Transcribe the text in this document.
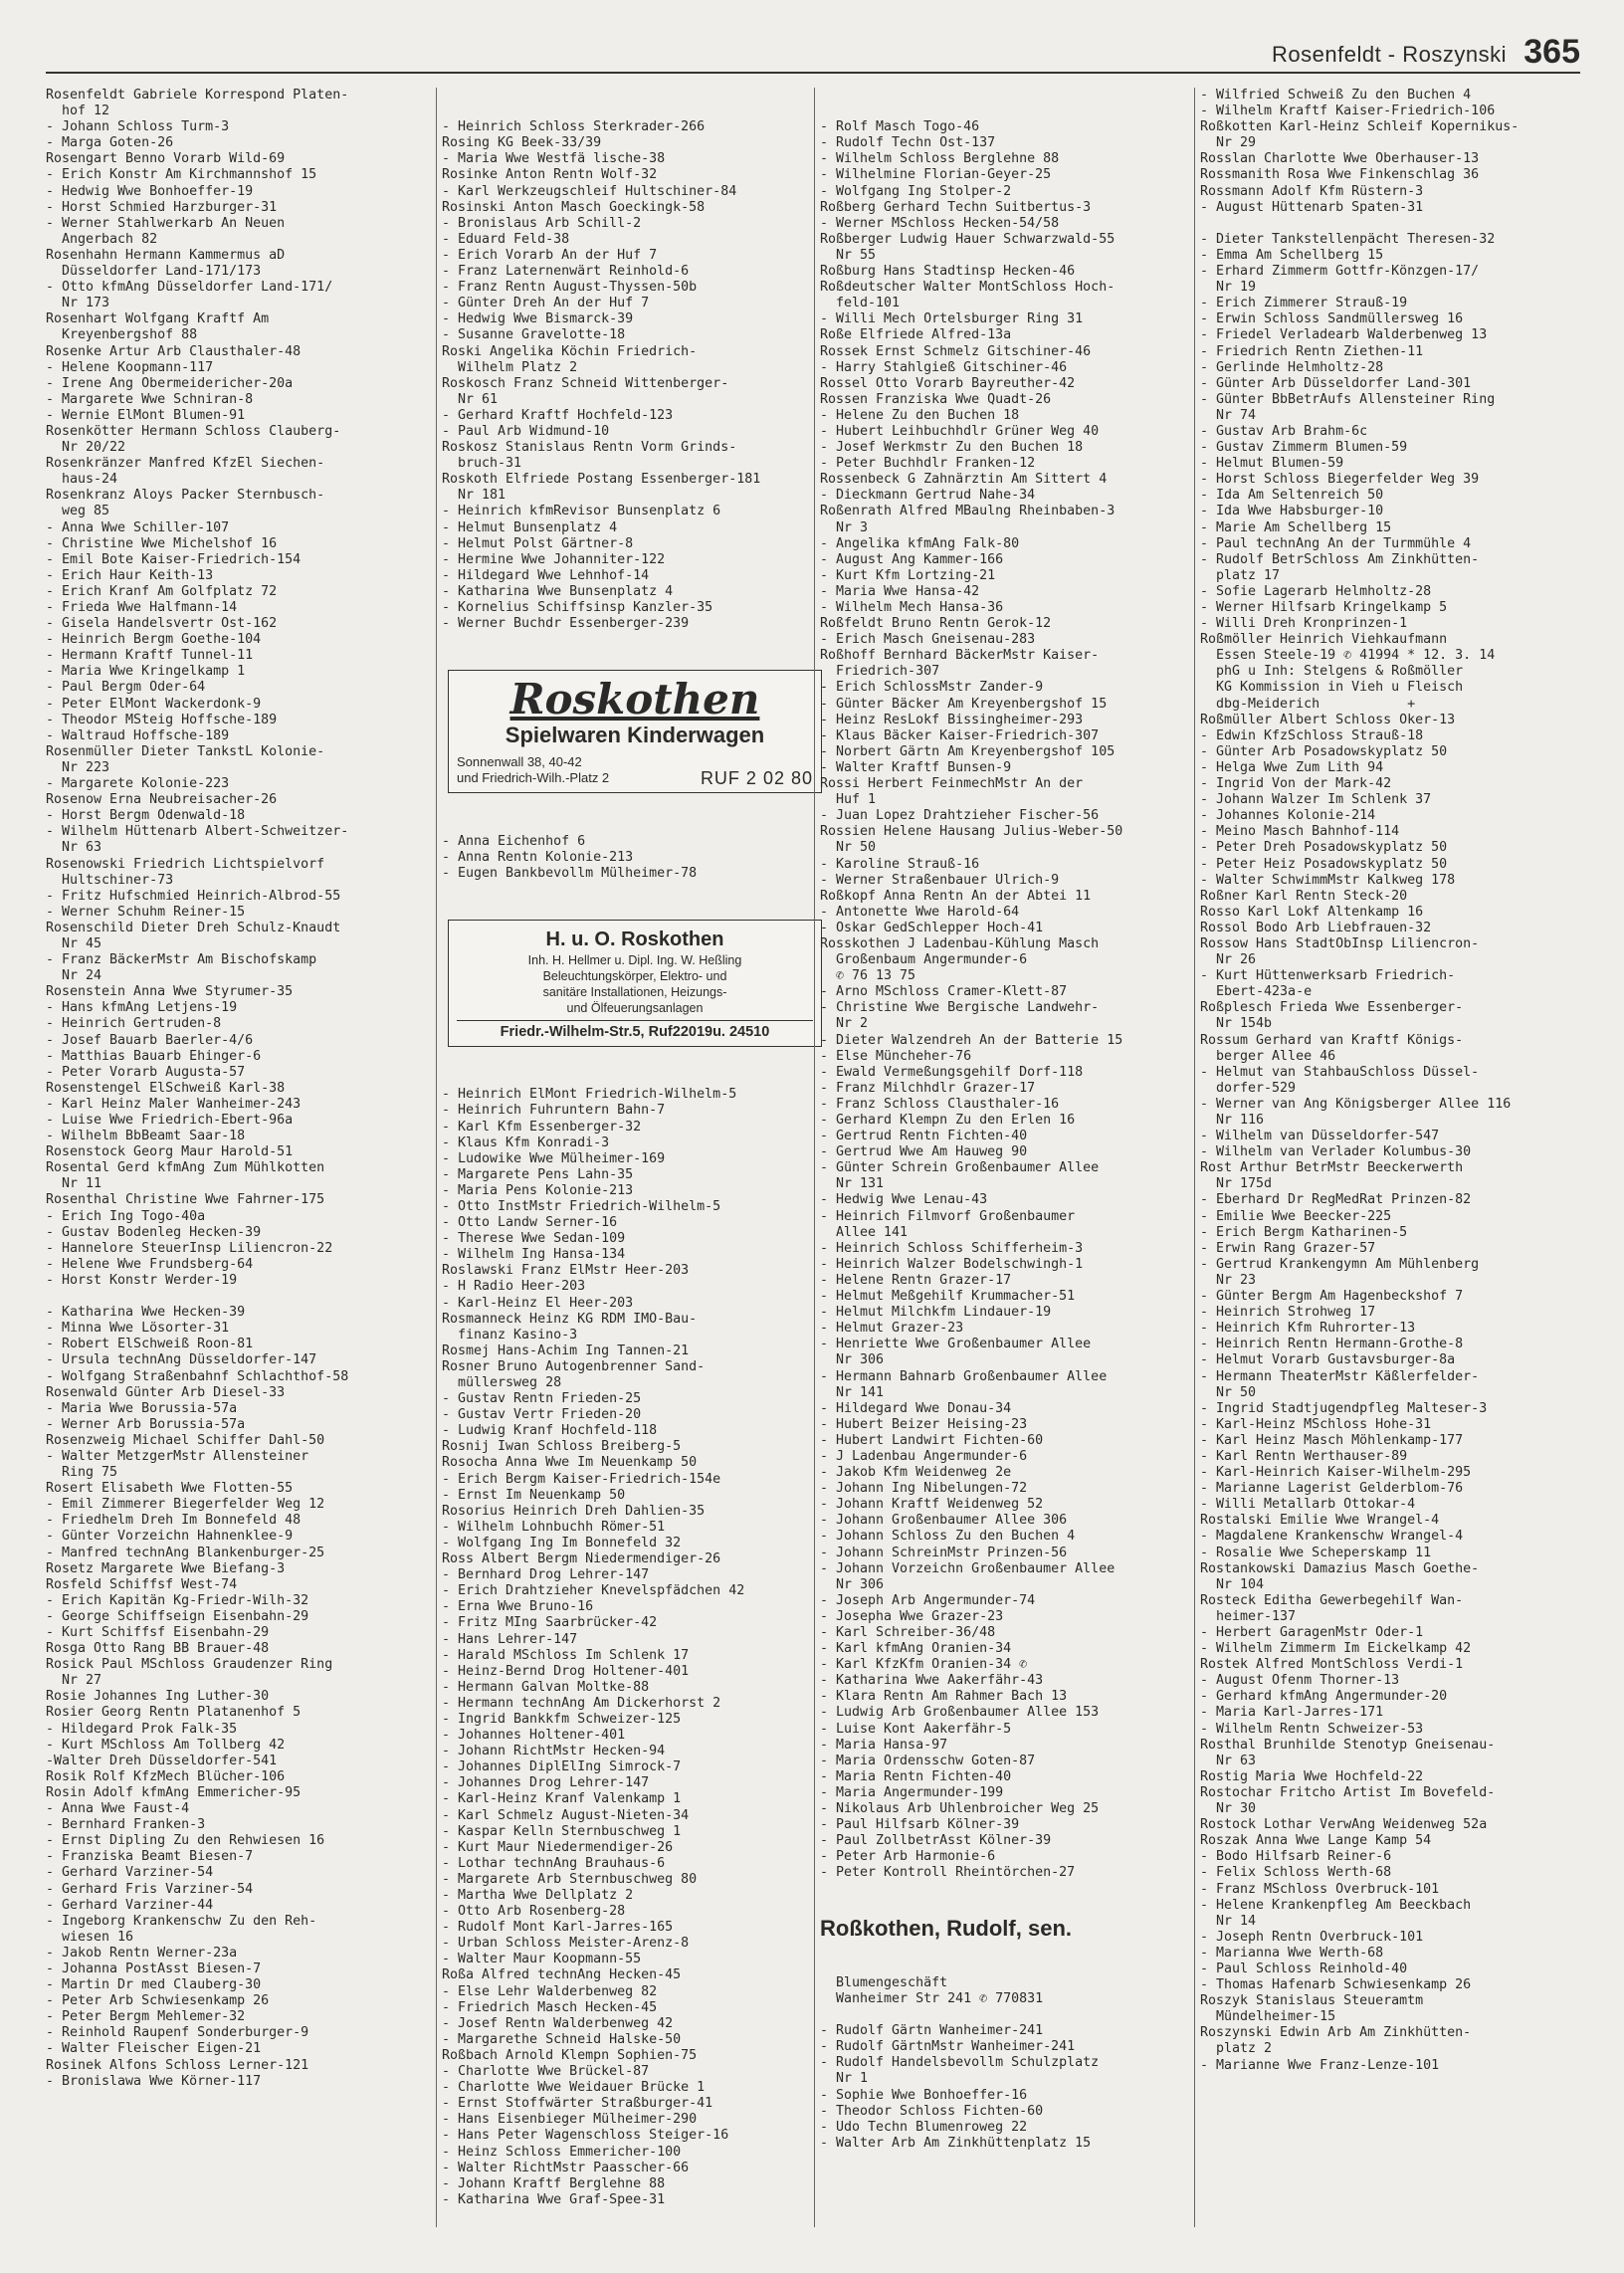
Rosenfeldt - Roszynski 365
Rosenfeldt Gabriele Korrespond Platen-
hof 12
- Johann Schloss Turm-3
- Marga Goten-26
Rosengart Benno Vorarb Wild-69
- Erich Konstr Am Kirchmannshof 15
- Hedwig Wwe Bonhoeffer-19
- Horst Schmied Harzburger-31
- Werner Stahlwerkarb An Neuen
Angerbach 82
Rosenhahn Hermann Kammermus aD
Düsseldorfer Land-171/173
- Otto kfmAng Düsseldorfer Land-171/
Nr 173
Rosenhart Wolfgang Kraftf Am
Kreyenbergshof 88
Rosenke Artur Arb Clausthaler-48
- Helene Koopmann-117
- Irene Ang Obermeidericher-20a
- Margarete Wwe Schniran-8
- Wernie ElMont Blumen-91
Rosenkötter Hermann Schloss Clauberg-
Nr 20/22
Rosenkränzer Manfred KfzEl Siechen-
haus-24
Rosenkranz Aloys Packer Sternbusch-
weg 85
- Anna Wwe Schiller-107
- Christine Wwe Michelshof 16
- Emil Bote Kaiser-Friedrich-154
- Erich Haur Keith-13
- Erich Kranf Am Golfplatz 72
- Frieda Wwe Halfmann-14
- Gisela Handelsvertr Ost-162
- Heinrich Bergm Goethe-104
- Hermann Kraftf Tunnel-11
- Maria Wwe Kringelkamp 1
- Paul Bergm Oder-64
- Peter ElMont Wackerdonk-9
- Theodor MSteig Hoffsche-189
- Waltraud Hoffsche-189
Rosenmüller Dieter TankstL Kolonie-
Nr 223
- Margarete Kolonie-223
Rosenow Erna Neubreisacher-26
- Horst Bergm Odenwald-18
- Wilhelm Hüttenarb Albert-Schweitzer-
Nr 63
Rosenowski Friedrich Lichtspielvorf
Hultschiner-73
- Fritz Hufschmied Heinrich-Albrod-55
- Werner Schuhm Reiner-15
Rosenschild Dieter Dreh Schulz-Knaudt
Nr 45
- Franz BäckerMstr Am Bischofskamp
Nr 24
Rosenstein Anna Wwe Styrumer-35
- Hans kfmAng Letjens-19
- Heinrich Gertruden-8
- Josef Bauarb Baerler-4/6
- Matthias Bauarb Ehinger-6
- Peter Vorarb Augusta-57
Rosenstengel ElSchweiß Karl-38
- Karl Heinz Maler Wanheimer-243
- Luise Wwe Friedrich-Ebert-96a
- Wilhelm BbBeamt Saar-18
Rosenstock Georg Maur Harold-51
Rosental Gerd kfmAng Zum Mühlkotten
Nr 11
Rosenthal Christine Wwe Fahrner-175
- Erich Ing Togo-40a
- Gustav Bodenleg Hecken-39
- Hannelore SteuerInsp Liliencron-22
- Helene Wwe Frundsberg-64
- Horst Konstr Werder-19

- Katharina Wwe Hecken-39
- Minna Wwe Lösorter-31
- Robert ElSchweiß Roon-81
- Ursula technAng Düsseldorfer-147
- Wolfgang Straßenbahnf Schlachthof-58
Rosenwald Günter Arb Diesel-33
- Maria Wwe Borussia-57a
- Werner Arb Borussia-57a
Rosenzweig Michael Schiffer Dahl-50
- Walter MetzgerMstr Allensteiner
Ring 75
Rosert Elisabeth Wwe Flotten-55
- Emil Zimmerer Biegerfelder Weg 12
- Friedhelm Dreh Im Bonnefeld 48
- Günter Vorzeichn Hahnenklee-9
- Manfred technAng Blankenburger-25
Rosetz Margarete Wwe Biefang-3
Rosfeld Schiffsf West-74
- Erich Kapitän Kg-Friedr-Wilh-32
- George Schiffseign Eisenbahn-29
- Kurt Schiffsf Eisenbahn-29
Rosga Otto Rang BB Brauer-48
Rosick Paul MSchloss Graudenzer Ring
Nr 27
Rosie Johannes Ing Luther-30
Rosier Georg Rentn Platanenhof 5
- Hildegard Prok Falk-35
- Kurt MSchloss Am Tollberg 42
-Walter Dreh Düsseldorfer-541
Rosik Rolf KfzMech Blücher-106
Rosin Adolf kfmAng Emmericher-95
- Anna Wwe Faust-4
- Bernhard Franken-3
- Ernst Dipling Zu den Rehwiesen 16
- Franziska Beamt Biesen-7
- Gerhard Varziner-54
- Gerhard Fris Varziner-54
- Gerhard Varziner-44
- Ingeborg Krankenschw Zu den Reh-
wiesen 16
- Jakob Rentn Werner-23a
- Johanna PostAsst Biesen-7
- Martin Dr med Clauberg-30
- Peter Arb Schwiesenkamp 26
- Peter Bergm Mehlemer-32
- Reinhold Raupenf Sonderburger-9
- Walter Fleischer Eigen-21
Rosinek Alfons Schloss Lerner-121
- Bronislawa Wwe Körner-117

- Heinrich Schloss Sterkrader-266
Rosing KG Beek-33/39
- Maria Wwe Westfä lische-38
Rosinke Anton Rentn Wolf-32
- Karl Werkzeugschleif Hultschiner-84
Rosinski Anton Masch Goeckingk-58
- Bronislaus Arb Schill-2
- Eduard Feld-38
- Erich Vorarb An der Huf 7
- Franz Laternenwärt Reinhold-6
- Franz Rentn August-Thyssen-50b
- Günter Dreh An der Huf 7
- Hedwig Wwe Bismarck-39
- Susanne Gravelotte-18
Roski Angelika Köchin Friedrich-
Wilhelm Platz 2
Roskosch Franz Schneid Wittenberger-
Nr 61
- Gerhard Kraftf Hochfeld-123
- Paul Arb Widmund-10
Roskosz Stanislaus Rentn Vorm Grinds-
bruch-31
Roskoth Elfriede Postang Essenberger-181
Nr 181
- Heinrich kfmRevisor Bunsenplatz 6
- Helmut Bunsenplatz 4
- Helmut Polst Gärtner-8
- Hermine Wwe Johanniter-122
- Hildegard Wwe Lehnhof-14
- Katharina Wwe Bunsenplatz 4
- Kornelius Schiffsinsp Kanzler-35
- Werner Buchdr Essenberger-239

Roskothen
Spielwaren Kinderwagen
Sonnenwall 38, 40-42
und Friedrich-Wilh.-Platz 2	RUF 2 02 80

- Anna Eichenhof 6
- Anna Rentn Kolonie-213
- Eugen Bankbevollm Mülheimer-78

H. u. O. Roskothen
Inh. H. Hellmer u. Dipl. Ing. W. Heßling
Beleuchtungskörper, Elektro- und
sanitäre Installationen, Heizungs-
und Ölfeuerungsanlagen
Friedr.-Wilhelm-Str.5, Ruf22019u. 24510

- Heinrich ElMont Friedrich-Wilhelm-5
- Heinrich Fuhruntern Bahn-7
- Karl Kfm Essenberger-32
- Klaus Kfm Konradi-3
- Ludowike Wwe Mülheimer-169
- Margarete Pens Lahn-35
- Maria Pens Kolonie-213
- Otto InstMstr Friedrich-Wilhelm-5
- Otto Landw Serner-16
- Therese Wwe Sedan-109
- Wilhelm Ing Hansa-134
Roslawski Franz ElMstr Heer-203
- H Radio Heer-203
- Karl-Heinz El Heer-203
Rosmanneck Heinz KG RDM IMO-Bau-
finanz Kasino-3
Rosmej Hans-Achim Ing Tannen-21
Rosner Bruno Autogenbrenner Sand-
müllersweg 28
- Gustav Rentn Frieden-25
- Gustav Vertr Frieden-20
- Ludwig Kranf Hochfeld-118
Rosnij Iwan Schloss Breiberg-5
Rosocha Anna Wwe Im Neuenkamp 50
- Erich Bergm Kaiser-Friedrich-154e
- Ernst Im Neuenkamp 50
Rosorius Heinrich Dreh Dahlien-35
- Wilhelm Lohnbuchh Römer-51
- Wolfgang Ing Im Bonnefeld 32
Ross Albert Bergm Niedermendiger-26
- Bernhard Drog Lehrer-147
- Erich Drahtzieher Knevelspfädchen 42
- Erna Wwe Bruno-16
- Fritz MIng Saarbrücker-42
- Hans Lehrer-147
- Harald MSchloss Im Schlenk 17
- Heinz-Bernd Drog Holtener-401
- Hermann Galvan Moltke-88
- Hermann technAng Am Dickerhorst 2
- Ingrid Bankkfm Schweizer-125
- Johannes Holtener-401
- Johann RichtMstr Hecken-94
- Johannes DiplElIng Simrock-7
- Johannes Drog Lehrer-147
- Karl-Heinz Kranf Valenkamp 1
- Karl Schmelz August-Nieten-34
- Kaspar Kelln Sternbuschweg 1
- Kurt Maur Niedermendiger-26
- Lothar technAng Brauhaus-6
- Margarete Arb Sternbuschweg 80
- Martha Wwe Dellplatz 2
- Otto Arb Rosenberg-28
- Rudolf Mont Karl-Jarres-165
- Urban Schloss Meister-Arenz-8
- Walter Maur Koopmann-55
Roßa Alfred technAng Hecken-45
- Else Lehr Walderbenweg 82
- Friedrich Masch Hecken-45
- Josef Rentn Walderbenweg 42
- Margarethe Schneid Halske-50
Roßbach Arnold Klempn Sophien-75
- Charlotte Wwe Brückel-87
- Charlotte Wwe Weidauer Brücke 1
- Ernst Stoffwärter Straßburger-41
- Hans Eisenbieger Mülheimer-290
- Hans Peter Wagenschloss Steiger-16
- Heinz Schloss Emmericher-100
- Walter RichtMstr Paasscher-66
- Johann Kraftf Berglehne 88
- Katharina Wwe Graf-Spee-31

- Rolf Masch Togo-46
- Rudolf Techn Ost-137
- Wilhelm Schloss Berglehne 88
- Wilhelmine Florian-Geyer-25
- Wolfgang Ing Stolper-2
Roßberg Gerhard Techn Suitbertus-3
- Werner MSchloss Hecken-54/58
Roßberger Ludwig Hauer Schwarzwald-55
Nr 55
Roßburg Hans Stadtinsp Hecken-46
Roßdeutscher Walter MontSchloss Hoch-
feld-101
- Willi Mech Ortelsburger Ring 31
Roße Elfriede Alfred-13a
Rossek Ernst Schmelz Gitschiner-46
- Harry Stahlgieß Gitschiner-46
Rossel Otto Vorarb Bayreuther-42
Rossen Franziska Wwe Quadt-26
- Helene Zu den Buchen 18
- Hubert Leihbuchhdlr Grüner Weg 40
- Josef Werkmstr Zu den Buchen 18
- Peter Buchhdlr Franken-12
Rossenbeck G Zahnärztin Am Sittert 4
- Dieckmann Gertrud Nahe-34
Roßenrath Alfred MBaulng Rheinbaben-3
Nr 3
- Angelika kfmAng Falk-80
- August Ang Kammer-166
- Kurt Kfm Lortzing-21
- Maria Wwe Hansa-42
- Wilhelm Mech Hansa-36
Roßfeldt Bruno Rentn Gerok-12
- Erich Masch Gneisenau-283
Roßhoff Bernhard BäckerMstr Kaiser-
Friedrich-307
- Erich SchlossMstr Zander-9
- Günter Bäcker Am Kreyenbergshof 15
- Heinz ResLokf Bissingheimer-293
- Klaus Bäcker Kaiser-Friedrich-307
- Norbert Gärtn Am Kreyenbergshof 105
- Walter Kraftf Bunsen-9
Rossi Herbert FeinmechMstr An der
Huf 1
- Juan Lopez Drahtzieher Fischer-56
Rossien Helene Hausang Julius-Weber-50
Nr 50
- Karoline Strauß-16
- Werner Straßenbauer Ulrich-9
Roßkopf Anna Rentn An der Abtei 11
- Antonette Wwe Harold-64
- Oskar GedSchlepper Hoch-41
Rosskothen J Ladenbau-Kühlung Masch
Großenbaum Angermunder-6
✆ 76 13 75
- Arno MSchloss Cramer-Klett-87
- Christine Wwe Bergische Landwehr-
Nr 2
- Dieter Walzendreh An der Batterie 15
- Else Müncheher-76
- Ewald Vermeßungsgehilf Dorf-118
- Franz Milchhdlr Grazer-17
- Franz Schloss Clausthaler-16
- Gerhard Klempn Zu den Erlen 16
- Gertrud Rentn Fichten-40
- Gertrud Wwe Am Hauweg 90
- Günter Schrein Großenbaumer Allee
Nr 131
- Hedwig Wwe Lenau-43
- Heinrich Filmvorf Großenbaumer
Allee 141
- Heinrich Schloss Schifferheim-3
- Heinrich Walzer Bodelschwingh-1
- Helene Rentn Grazer-17
- Helmut Meßgehilf Krummacher-51
- Helmut Milchkfm Lindauer-19
- Helmut Grazer-23
- Henriette Wwe Großenbaumer Allee
Nr 306
- Hermann Bahnarb Großenbaumer Allee
Nr 141
- Hildegard Wwe Donau-34
- Hubert Beizer Heising-23
- Hubert Landwirt Fichten-60
- J Ladenbau Angermunder-6
- Jakob Kfm Weidenweg 2e
- Johann Ing Nibelungen-72
- Johann Kraftf Weidenweg 52
- Johann Großenbaumer Allee 306
- Johann Schloss Zu den Buchen 4
- Johann SchreinMstr Prinzen-56
- Johann Vorzeichn Großenbaumer Allee
Nr 306
- Joseph Arb Angermunder-74
- Josepha Wwe Grazer-23
- Karl Schreiber-36/48
- Karl kfmAng Oranien-34
- Karl KfzKfm Oranien-34 ✆
- Katharina Wwe Aakerfähr-43
- Klara Rentn Am Rahmer Bach 13
- Ludwig Arb Großenbaumer Allee 153
- Luise Kont Aakerfähr-5
- Maria Hansa-97
- Maria Ordensschw Goten-87
- Maria Rentn Fichten-40
- Maria Angermunder-199
- Nikolaus Arb Uhlenbroicher Weg 25
- Paul Hilfsarb Kölner-39
- Paul ZollbetrAsst Kölner-39
- Peter Arb Harmonie-6
- Peter Kontroll Rheintörchen-27

Roßkothen, Rudolf, sen.

Blumengeschäft
Wanheimer Str 241 ✆ 770831

- Rudolf Gärtn Wanheimer-241
- Rudolf GärtnMstr Wanheimer-241
- Rudolf Handelsbevollm Schulzplatz
Nr 1
- Sophie Wwe Bonhoeffer-16
- Theodor Schloss Fichten-60
- Udo Techn Blumenroweg 22
- Walter Arb Am Zinkhüttenplatz 15

- Wilfried Schweiß Zu den Buchen 4
- Wilhelm Kraftf Kaiser-Friedrich-106
Roßkotten Karl-Heinz Schleif Kopernikus-
Nr 29
Rosslan Charlotte Wwe Oberhauser-13
Rossmanith Rosa Wwe Finkenschlag 36
Rossmann Adolf Kfm Rüstern-3
- August Hüttenarb Spaten-31

- Dieter Tankstellenpächt Theresen-32
- Emma Am Schellberg 15
- Erhard Zimmerm Gottfr-Könzgen-17/
Nr 19
- Erich Zimmerer Strauß-19
- Erwin Schloss Sandmüllersweg 16
- Friedel Verladearb Walderbenweg 13
- Friedrich Rentn Ziethen-11
- Gerlinde Helmholtz-28
- Günter Arb Düsseldorfer Land-301
- Günter BbBetrAufs Allensteiner Ring
Nr 74
- Gustav Arb Brahm-6c
- Gustav Zimmerm Blumen-59
- Helmut Blumen-59
- Horst Schloss Biegerfelder Weg 39
- Ida Am Seltenreich 50
- Ida Wwe Habsburger-10
- Marie Am Schellberg 15
- Paul technAng An der Turmmühle 4
- Rudolf BetrSchloss Am Zinkhütten-
platz 17
- Sofie Lagerarb Helmholtz-28
- Werner Hilfsarb Kringelkamp 5
- Willi Dreh Kronprinzen-1
Roßmöller Heinrich Viehkaufmann
Essen Steele-19 ✆ 41994 * 12. 3. 14
phG u Inh: Stelgens & Roßmöller
KG Kommission in Vieh u Fleisch
dbg-Meiderich           +
Roßmüller Albert Schloss Oker-13
- Edwin KfzSchloss Strauß-18
- Günter Arb Posadowskyplatz 50
- Helga Wwe Zum Lith 94
- Ingrid Von der Mark-42
- Johann Walzer Im Schlenk 37
- Johannes Kolonie-214
- Meino Masch Bahnhof-114
- Peter Dreh Posadowskyplatz 50
- Peter Heiz Posadowskyplatz 50
- Walter SchwimmMstr Kalkweg 178
Roßner Karl Rentn Steck-20
Rosso Karl Lokf Altenkamp 16
Rossol Bodo Arb Liebfrauen-32
Rossow Hans StadtObInsp Liliencron-
Nr 26
- Kurt Hüttenwerksarb Friedrich-
Ebert-423a-e
Roßplesch Frieda Wwe Essenberger-
Nr 154b
Rossum Gerhard van Kraftf Königs-
berger Allee 46
- Helmut van StahbauSchloss Düssel-
dorfer-529
- Werner van Ang Königsberger Allee 116
Nr 116
- Wilhelm van Düsseldorfer-547
- Wilhelm van Verlader Kolumbus-30
Rost Arthur BetrMstr Beeckerwerth
Nr 175d
- Eberhard Dr RegMedRat Prinzen-82
- Emilie Wwe Beecker-225
- Erich Bergm Katharinen-5
- Erwin Rang Grazer-57
- Gertrud Krankengymn Am Mühlenberg
Nr 23
- Günter Bergm Am Hagenbeckshof 7
- Heinrich Strohweg 17
- Heinrich Kfm Ruhrorter-13
- Heinrich Rentn Hermann-Grothe-8
- Helmut Vorarb Gustavsburger-8a
- Hermann TheaterMstr Käßlerfelder-
Nr 50
- Ingrid Stadtjugendpfleg Malteser-3
- Karl-Heinz MSchloss Hohe-31
- Karl Heinz Masch Möhlenkamp-177
- Karl Rentn Werthauser-89
- Karl-Heinrich Kaiser-Wilhelm-295
- Marianne Lagerist Gelderblom-76
- Willi Metallarb Ottokar-4
Rostalski Emilie Wwe Wrangel-4
- Magdalene Krankenschw Wrangel-4
- Rosalie Wwe Scheperskamp 11
Rostankowski Damazius Masch Goethe-
Nr 104
Rosteck Editha Gewerbegehilf Wan-
heimer-137
- Herbert GaragenMstr Oder-1
- Wilhelm Zimmerm Im Eickelkamp 42
Rostek Alfred MontSchloss Verdi-1
- August Ofenm Thorner-13
- Gerhard kfmAng Angermunder-20
- Maria Karl-Jarres-171
- Wilhelm Rentn Schweizer-53
Rosthal Brunhilde Stenotyp Gneisenau-
Nr 63
Rostig Maria Wwe Hochfeld-22
Rostochar Fritcho Artist Im Bovefeld-
Nr 30
Rostock Lothar VerwAng Weidenweg 52a
Roszak Anna Wwe Lange Kamp 54
- Bodo Hilfsarb Reiner-6
- Felix Schloss Werth-68
- Franz MSchloss Overbruck-101
- Helene Krankenpfleg Am Beeckbach
Nr 14
- Joseph Rentn Overbruck-101
- Marianna Wwe Werth-68
- Paul Schloss Reinhold-40
- Thomas Hafenarb Schwiesenkamp 26
Roszyk Stanislaus Steueramtm
Mündelheimer-15
Roszynski Edwin Arb Am Zinkhütten-
platz 2
- Marianne Wwe Franz-Lenze-101
